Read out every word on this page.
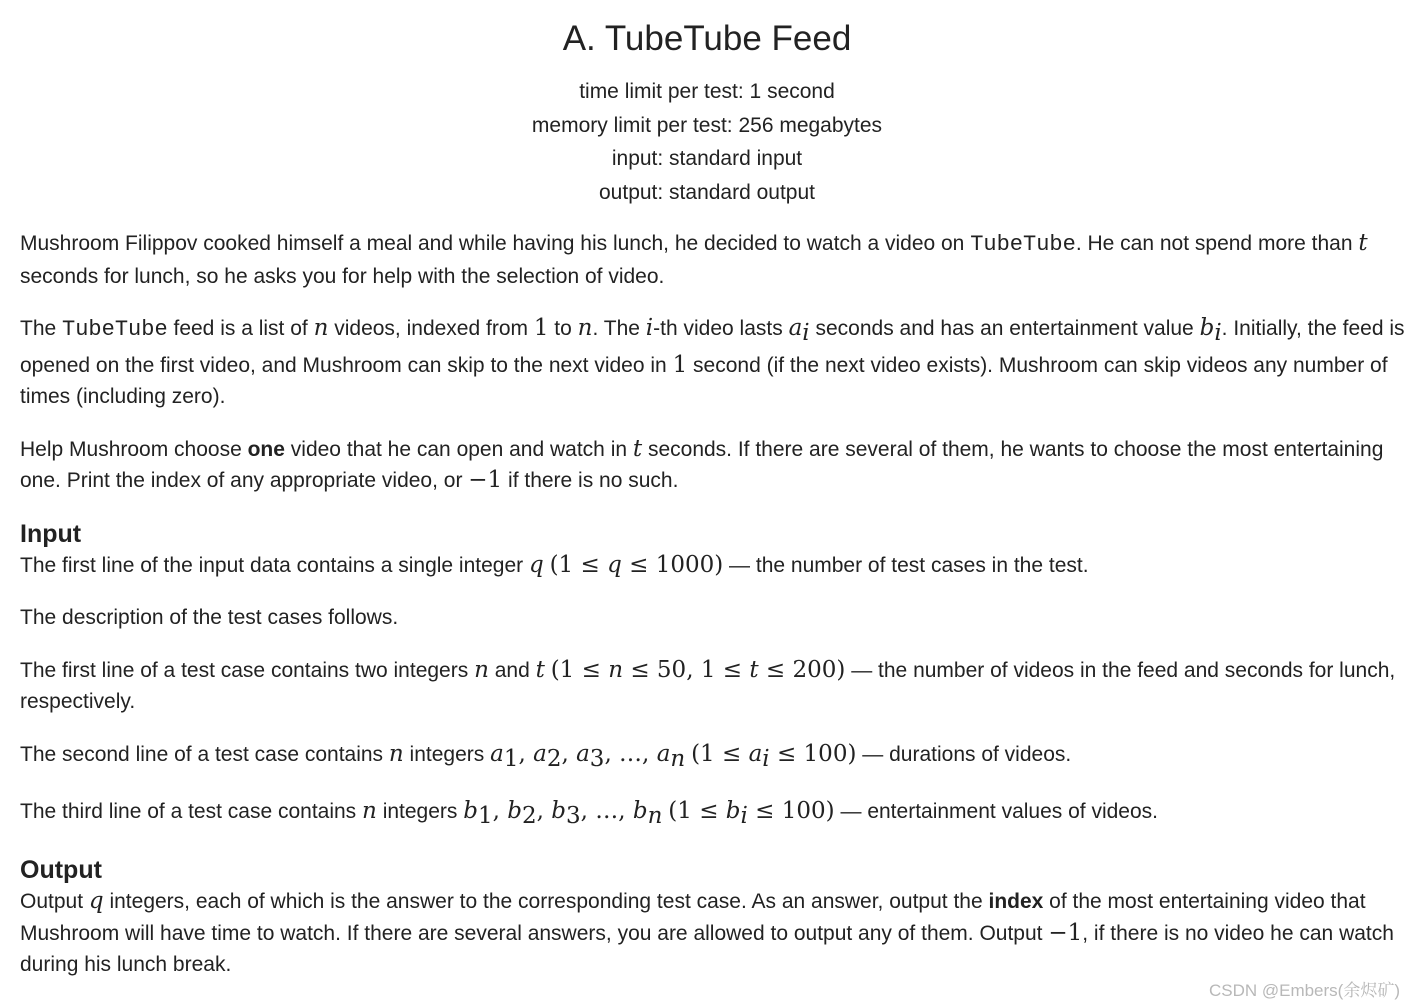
A. TubeTube Feed
time limit per test: 1 second
memory limit per test: 256 megabytes
input: standard input
output: standard output

Mushroom Filippov cooked himself a meal and while having his lunch, he decided to watch a video on TubeTube. He can not spend more than t seconds for lunch, so he asks you for help with the selection of video.

The TubeTube feed is a list of n videos, indexed from 1 to n. The i-th video lasts $a_i$ seconds and has an entertainment value $b_i$. Initially, the feed is opened on the first video, and Mushroom can skip to the next video in 1 second (if the next video exists). Mushroom can skip videos any number of times (including zero).

Help Mushroom choose one video that he can open and watch in t seconds. If there are several of them, he wants to choose the most entertaining one. Print the index of any appropriate video, or −1 if there is no such.

Input

The first line of the input data contains a single integer q (1 ≤ q ≤ 1000) — the number of test cases in the test.

The description of the test cases follows.

The first line of a test case contains two integers n and t (1 ≤ n ≤ 50, 1 ≤ t ≤ 200) — the number of videos in the feed and seconds for lunch, respectively.

The second line of a test case contains n integers $a_1$, $a_2$, $a_3$, …, $a_n$ $(1 \le a_i \le 100)$ — durations of videos.

The third line of a test case contains n integers $b_1$, $b_2$, $b_3$, …, $b_n$ $(1 \le b_i \le 100)$ — entertainment values of videos.

Output

Output q integers, each of which is the answer to the corresponding test case. As an answer, output the index of the most entertaining video that Mushroom will have time to watch. If there are several answers, you are allowed to output any of them. Output −1, if there is no video he can watch during his lunch break.

CSDN @Embers(余烬矿)
